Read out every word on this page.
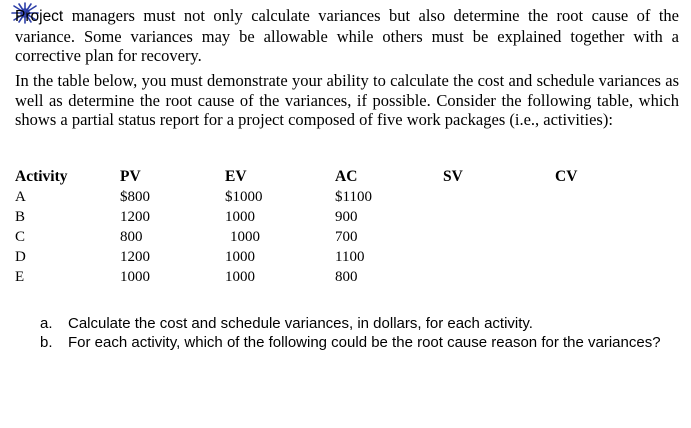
Project managers must not only calculate variances but also determine the root cause of the variance. Some variances may be allowable while others must be explained together with a corrective plan for recovery.

In the table below, you must demonstrate your ability to calculate the cost and schedule variances as well as determine the root cause of the variances, if possible. Consider the following table, which shows a partial status report for a project composed of five work packages (i.e., activities):

Activity	PV	EV	AC	SV	CV
A	$800	$1000	$1100
B	1200	1000	900
C	800	1000	700
D	1200	1000	1100
E	1000	1000	800
a. Calculate the cost and schedule variances, in dollars, for each activity.
b. For each activity, which of the following could be the root cause reason for the variances?
